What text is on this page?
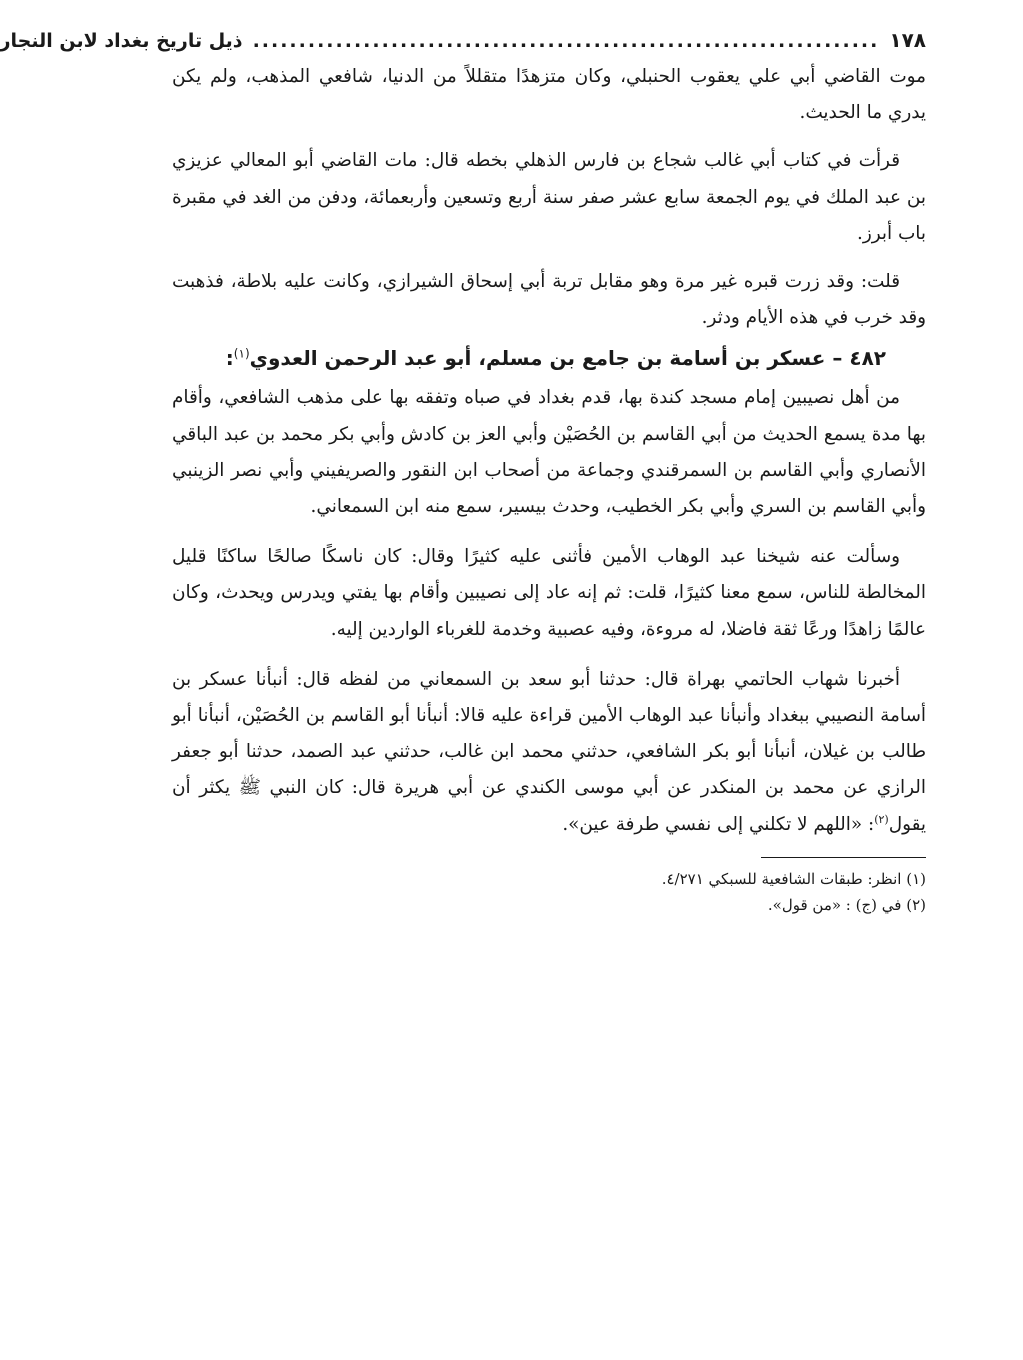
١٧٨
....................................................................
ذيل تاريخ بغداد لابن النجار

موت القاضي أبي علي يعقوب الحنبلي، وكان متزهدًا متقللاً من الدنيا، شافعي المذهب، ولم يكن يدري ما الحديث.

قرأت في كتاب أبي غالب شجاع بن فارس الذهلي بخطه قال: مات القاضي أبو المعالي عزيزي بن عبد الملك في يوم الجمعة سابع عشر صفر سنة أربع وتسعين وأربعمائة، ودفن من الغد في مقبرة باب أبرز.

قلت: وقد زرت قبره غير مرة وهو مقابل تربة أبي إسحاق الشيرازي، وكانت عليه بلاطة، فذهبت وقد خرب في هذه الأيام ودثر.

٤٨٢ – عسكر بن أسامة بن جامع بن مسلم، أبو عبد الرحمن العدوي$^{(١)}$:

من أهل نصيبين إمام مسجد كندة بها، قدم بغداد في صباه وتفقه بها على مذهب الشافعي، وأقام بها مدة يسمع الحديث من أبي القاسم بن الحُصَيْن وأبي العز بن كادش وأبي بكر محمد بن عبد الباقي الأنصاري وأبي القاسم بن السمرقندي وجماعة من أصحاب ابن النقور والصريفيني وأبي نصر الزينبي وأبي القاسم بن السري وأبي بكر الخطيب، وحدث بيسير، سمع منه ابن السمعاني.

وسألت عنه شيخنا عبد الوهاب الأمين فأثنى عليه كثيرًا وقال: كان ناسكًا صالحًا ساكنًا قليل المخالطة للناس، سمع معنا كثيرًا، قلت: ثم إنه عاد إلى نصيبين وأقام بها يفتي ويدرس ويحدث، وكان عالمًا زاهدًا ورعًا ثقة فاضلا، له مروءة، وفيه عصبية وخدمة للغرباء الواردين إليه.

أخبرنا شهاب الحاتمي بهراة قال: حدثنا أبو سعد بن السمعاني من لفظه قال: أنبأنا عسكر بن أسامة النصيبي ببغداد وأنبأنا عبد الوهاب الأمين قراءة عليه قالا: أنبأنا أبو القاسم بن الحُصَيْن، أنبأنا أبو طالب بن غيلان، أنبأنا أبو بكر الشافعي، حدثني محمد ابن غالب، حدثني عبد الصمد، حدثنا أبو جعفر الرازي عن محمد بن المنكدر عن أبي موسى الكندي عن أبي هريرة قال: كان النبي ﷺ يكثر أن يقول$^{(٢)}$: «اللهم لا تكلني إلى نفسي طرفة عين».

(١) انظر: طبقات الشافعية للسبكي ٤/٢٧١.

(٢) في (ج) : «من قول».
